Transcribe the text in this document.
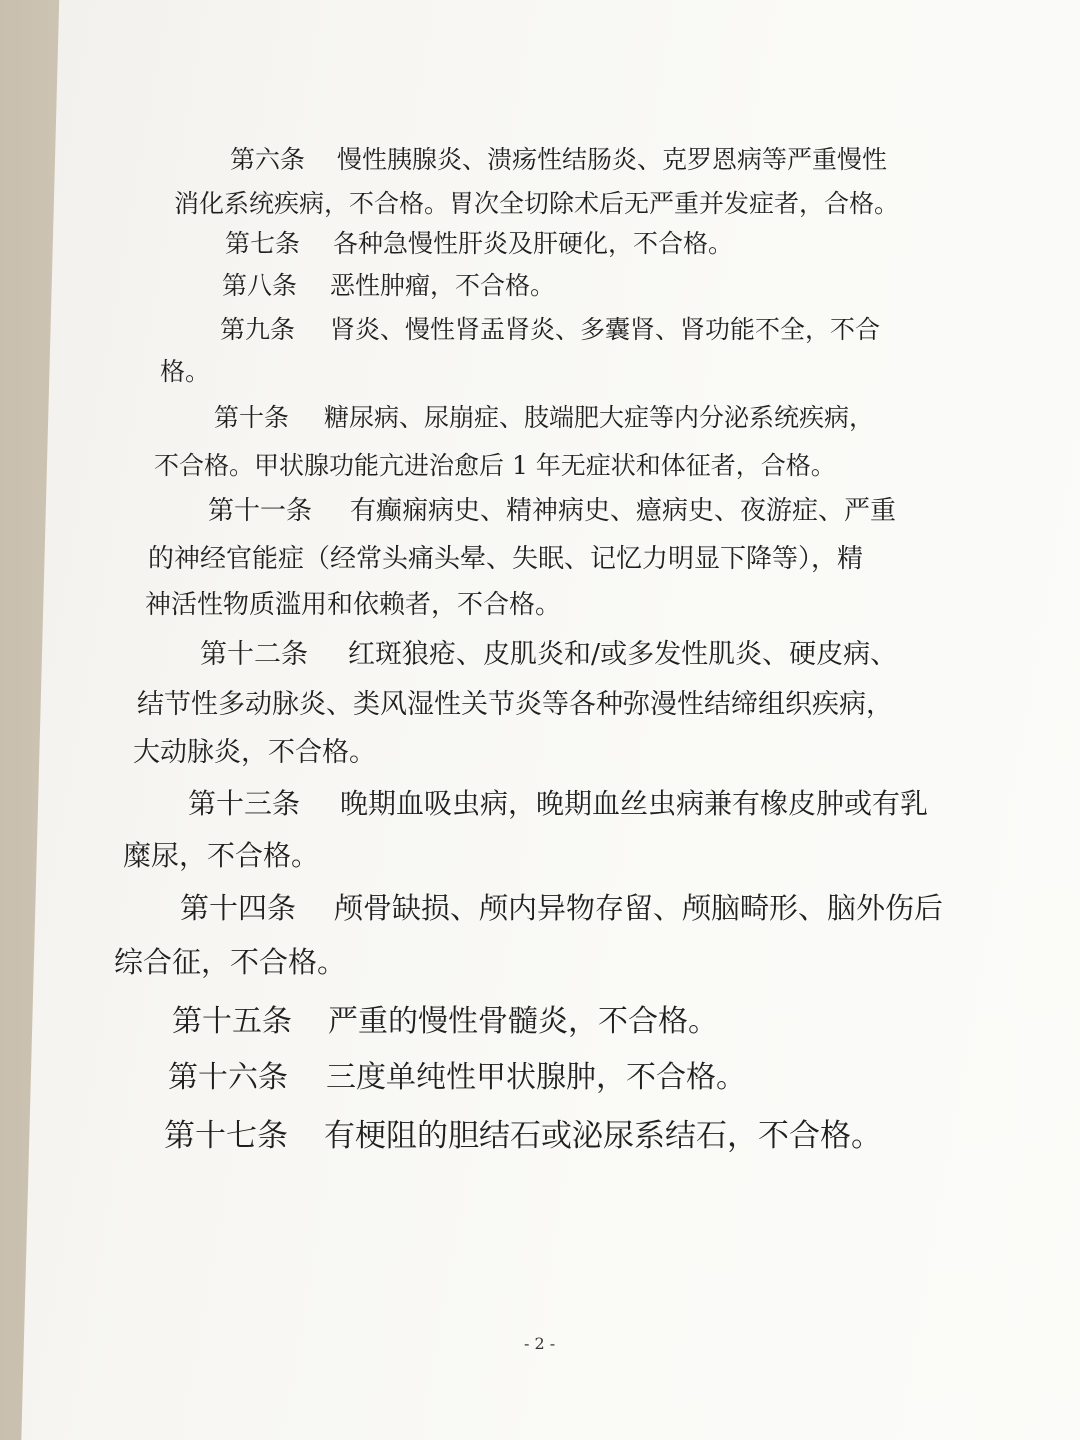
第六条 慢性胰腺炎、溃疡性结肠炎、克罗恩病等严重慢性
消化系统疾病，不合格。胃次全切除术后无严重并发症者，合格。
第七条 各种急慢性肝炎及肝硬化，不合格。
第八条 恶性肿瘤，不合格。
第九条 肾炎、慢性肾盂肾炎、多囊肾、肾功能不全，不合
格。
第十条 糖尿病、尿崩症、肢端肥大症等内分泌系统疾病，
不合格。甲状腺功能亢进治愈后 1 年无症状和体征者，合格。
第十一条 有癫痫病史、精神病史、癔病史、夜游症、严重
的神经官能症（经常头痛头晕、失眠、记忆力明显下降等），精
神活性物质滥用和依赖者，不合格。
第十二条 红斑狼疮、皮肌炎和/或多发性肌炎、硬皮病、
结节性多动脉炎、类风湿性关节炎等各种弥漫性结缔组织疾病，
大动脉炎，不合格。
第十三条 晚期血吸虫病，晚期血丝虫病兼有橡皮肿或有乳
糜尿，不合格。
第十四条 颅骨缺损、颅内异物存留、颅脑畸形、脑外伤后
综合征，不合格。
第十五条 严重的慢性骨髓炎，不合格。
第十六条 三度单纯性甲状腺肿，不合格。
第十七条 有梗阻的胆结石或泌尿系结石，不合格。
- 2 -
